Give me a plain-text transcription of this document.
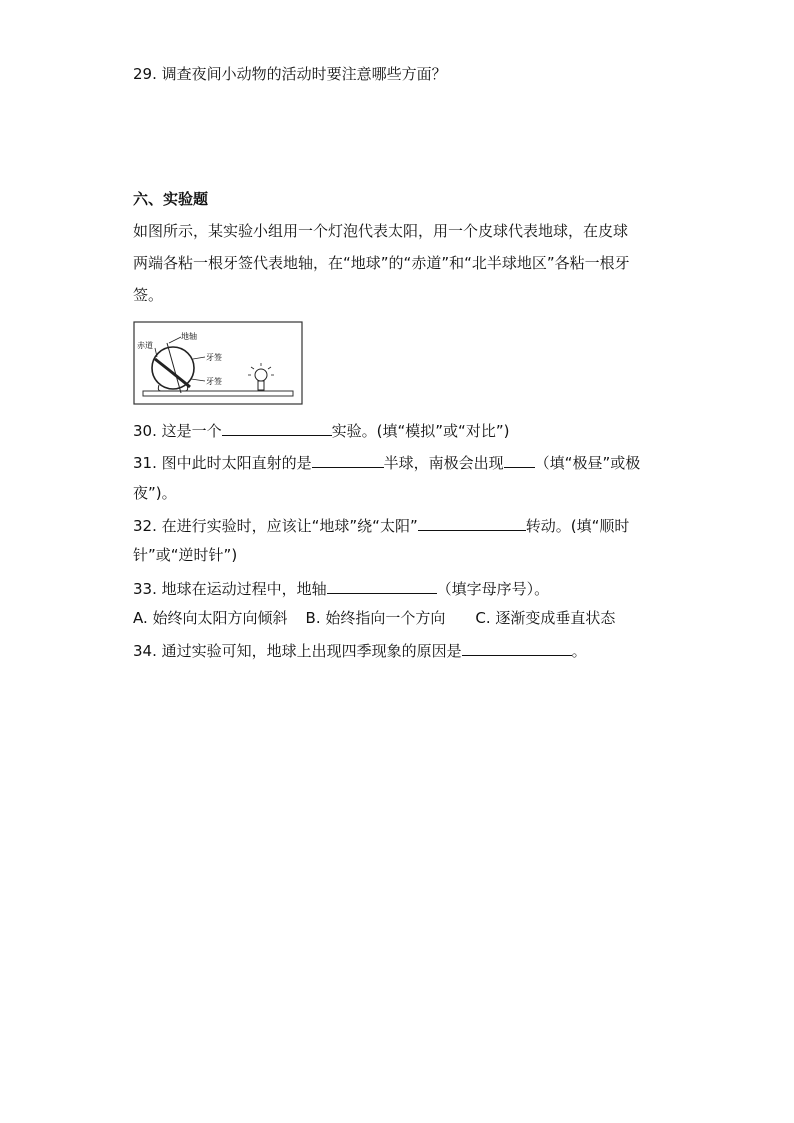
29. 调查夜间小动物的活动时要注意哪些方面？
六、实验题
如图所示，某实验小组用一个灯泡代表太阳，用一个皮球代表地球，在皮球
两端各粘一根牙签代表地轴，在“地球”的“赤道”和“北半球地区”各粘一根牙
签。
赤道
地轴
牙签
牙签
30. 这是一个	实验。(填“模拟”或“对比”)
31. 图中此时太阳直射的是	半球，南极会出现 （填“极昼”或极
夜”)。
32. 在进行实验时，应该让“地球”绕“太阳”	转动。(填“顺时
针”或“逆时针”)
33. 地球在运动过程中，地轴	（填字母序号）。
A. 始终向太阳方向倾斜 B. 始终指向一个方向 C. 逐渐变成垂直状态
34. 通过实验可知，地球上出现四季现象的原因是	。
